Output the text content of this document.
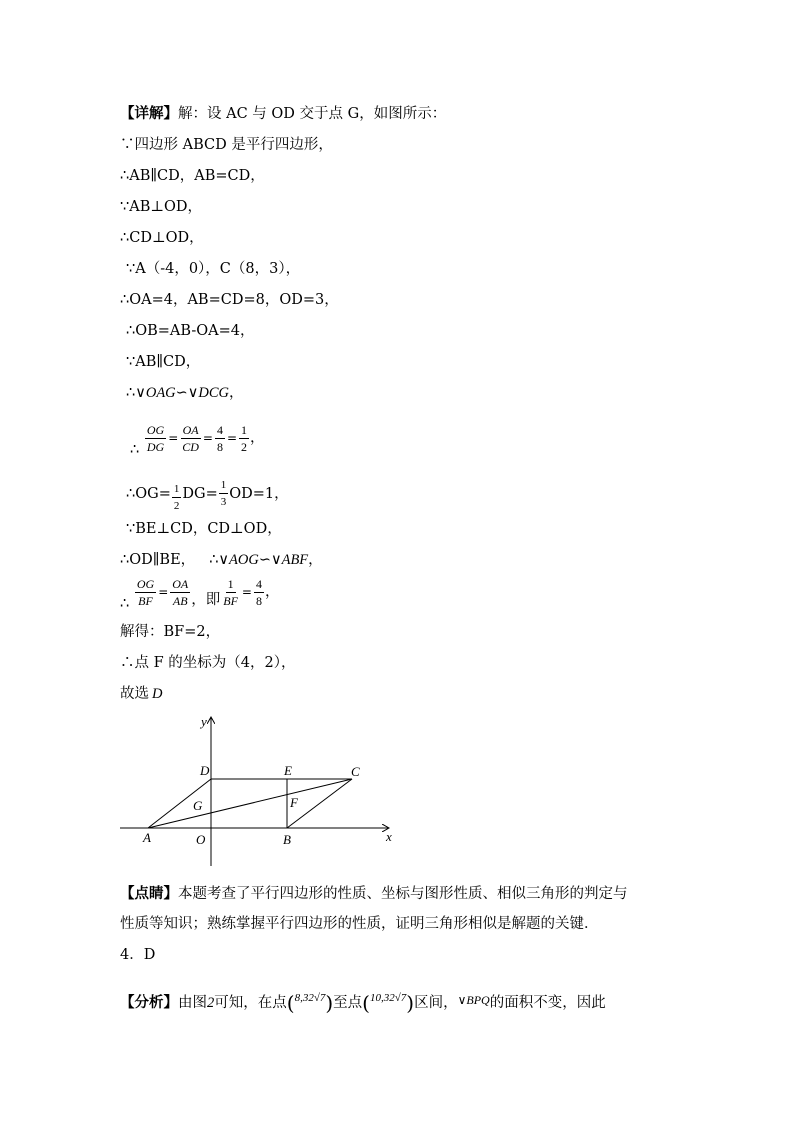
【详解】解：设 AC 与 OD 交于点 G，如图所示：
∵四边形 ABCD 是平行四边形，
∴AB∥CD，AB=CD，
∵AB⊥OD，
∴CD⊥OD，
∵A（-4，0），C（8，3），
∴OA=4，AB=CD=8，OD=3，
∴OB=AB-OA=4，
∵AB∥CD，
∴∨OAG∽∨DCG，
∴ $\frac{OG}{DG} = \frac{OA}{CD} = \frac{4}{8} = \frac{1}{2}$ ，
∴OG= $\frac{1}{2} DG= \frac{1}{3} OD=1$，
∵BE⊥CD，CD⊥OD，
∴OD∥BE， ∴∨AOG∽∨ABF，
∴ $\frac{OG}{BF} = \frac{OA}{AB}$ ，即 $\frac{1}{BF} = \frac{4}{8}$ ，
解得：BF=2，
∴点 F 的坐标为（4，2），
故选 D
y
x
D	E	C
G	F
A	O	B
【点睛】本题考查了平行四边形的性质、坐标与图形性质、相似三角形的判定与
性质等知识；熟练掌握平行四边形的性质，证明三角形相似是解题的关键．
4．D
【分析】由图2可知，在点($^{8,32√7}$)至点($^{10,32√7}$)区间，$^{\vee BPQ}$的面积不变，因此
